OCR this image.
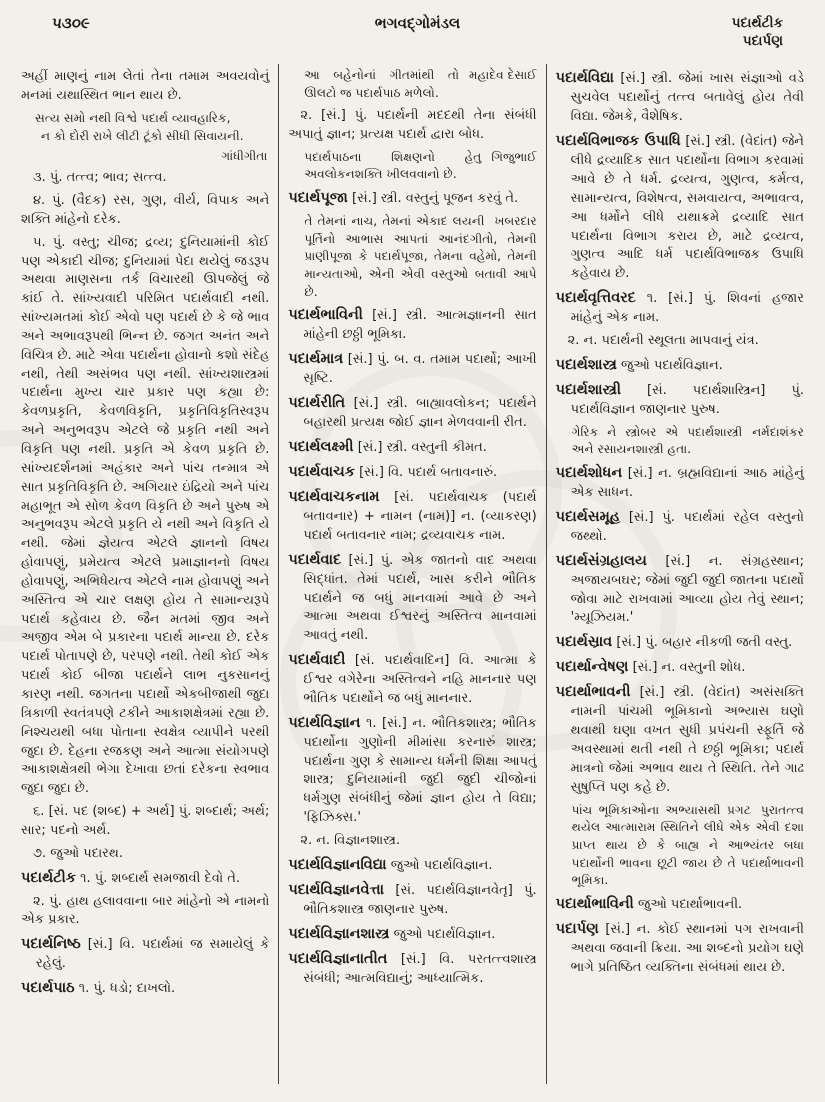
૫૩૦૯	ભગવદ્ગોમંડલ	પદાર્થટીક
પદાર્પણ
અહીં માણનું નામ લેતાં તેના તમામ અવયવોનું મનમાં યથાસ્થિત ભાન થાય છે.
સત્ય સમો નથી વિશ્વે પદાર્થ વ્યાવહારિક,
ન કો દોરી રાખે લીટી ટૂંકો સીધી સિવાયની.
ગાંધીગીતા
૩. પું. તત્ત્વ; ભાવ; સત્ત્વ.
૪. પું. (વૈદક) રસ, ગુણ, વીર્ય, વિપાક અને શક્તિ માંહેનો દરેક.
૫. પું. વસ્તુ; ચીજ; દ્રવ્ય; દુનિયામાંની કોઈ પણ એકાદી ચીજ; દુનિયામાં પેદા થયેલું જડરૂપ અથવા માણસના તર્ક વિચારથી ઊપજેલું જે કાંઈ તે. સાંખ્યવાદી પરિમિત પદાર્થવાદી નથી. સાંખ્યમતમાં કોઈ એવો પણ પદાર્થ છે કે જે ભાવ અને અભાવરૂપથી ભિન્ન છે. જગત અનંત અને વિચિત્ર છે. માટે એવા પદાર્થના હોવાનો કશો સંદેહ નથી, તેથી અસંભવ પણ નથી. સાંખ્યશાસ્ત્રમાં પદાર્થના મુખ્ય ચાર પ્રકાર પણ કહ્યા છે: કેવળપ્રકૃતિ, કેવળવિકૃતિ, પ્રકૃતિવિકૃતિસ્વરૂપ અને અનુભવરૂપ એટલે જે પ્રકૃતિ નથી અને વિકૃતિ પણ નથી. પ્રકૃતિ એ કેવળ પ્રકૃતિ છે. સાંખ્યદર્શનમાં અહંકાર અને પાંચ તન્માત્ર એ સાત પ્રકૃતિવિકૃતિ છે. અગિયાર ઇંદ્રિયો અને પાંચ મહાભૂત એ સોળ કેવળ વિકૃતિ છે અને પુરુષ એ અનુભવરૂપ એટલે પ્રકૃતિ યે નથી અને વિકૃતિ યે નથી. જેમાં જ્ઞેયત્વ એટલે જ્ઞાનનો વિષય હોવાપણું, પ્રમેયત્વ એટલે પ્રમાજ્ઞાનનો વિષય હોવાપણું, અભિધેયત્વ એટલે નામ હોવાપણું અને અસ્તિત્વ એ ચાર લક્ષણ હોય તે સામાન્યરૂપે પદાર્થ કહેવાય છે. જૈન મતમાં જીવ અને અજીવ એમ બે પ્રકારના પદાર્થ માન્યા છે. દરેક પદાર્થ પોતાપણે છે, પરપણે નથી. તેથી કોઈ એક પદાર્થ કોઈ બીજા પદાર્થને લાભ નુકસાનનું કારણ નથી. જગતના પદાર્થો એકબીજાથી જુદા ત્રિકાળી સ્વતંત્રપણે ટકીને આકાશક્ષેત્રમાં રહ્યા છે. નિશ્ચયથી બધા પોતાના સ્વક્ષેત્ર વ્યાપીને પરથી જુદા છે. દેહના રજકણ અને આત્મા સંયોગપણે આકાશક્ષેત્રથી ભેગા દેખાવા છતાં દરેકના સ્વભાવ જુદા જુદા છે.
૬. [સં. પદ (શબ્દ) + અર્થ] પું. શબ્દાર્થ; અર્થ; સાર; પદનો અર્થ.
૭. જુઓ પદારથ.
પદાર્થટીક ૧. પું. શબ્દાર્થ સમજાવી દેવો તે.
૨. પું. હાથ હલાવવાના બાર માંહેનો એ નામનો એક પ્રકાર.
પદાર્થનિષ્ઠ [સં.] વિ. પદાર્થમાં જ સમાયેલું કે રહેલું.
પદાર્થપાઠ ૧. પું. ધડો; દાખલો.
મહાદેવ દેસાઈ
આ બહેનોનાં ગીતમાંથી તો ઊલટો જ પદાર્થપાઠ મળેલો.
૨. [સં.] પું. પદાર્થની મદદથી તેના સંબંધી અપાતું જ્ઞાન; પ્રત્યક્ષ પદાર્થ દ્વારા બોધ.
ગિજુભાઈ
પદાર્થપાઠના શિક્ષણનો હેતુ અવલોકનશક્તિ ખીલવવાનો છે.
પદાર્થપૂજા [સં.] સ્ત્રી. વસ્તુનું પૂજન કરવું તે.
ખબરદાર
તે તેમનાં નાચ, તેમનાં એકાદ લયની પૂર્તિનો આભાસ આપતાં આનંદગીતો, તેમની પ્રાણીપૂજા કે પદાર્થપૂજા, તેમના વહેમો, તેમની માન્યતાઓ, એની એવી વસ્તુઓ બતાવી આપે છે.
પદાર્થભાવિની [સં.] સ્ત્રી. આત્મજ્ઞાનની સાત માંહેની છઠ્ઠી ભૂમિકા.
પદાર્થમાત્ર [સં.] પું. બ. વ. તમામ પદાર્થો; આખી સૃષ્ટિ.
પદાર્થરીતિ [સં.] સ્ત્રી. બાહ્યાવલોકન; પદાર્થને બહારથી પ્રત્યક્ષ જોઈ જ્ઞાન મેળવવાની રીત.
પદાર્થલક્ષ્મી [સં.] સ્ત્રી. વસ્તુની કીમત.
પદાર્થવાચક [સં.] વિ. પદાર્થ બતાવનારું.
પદાર્થવાચકનામ [સં. પદાર્થવાચક (પદાર્થ બતાવનાર) + નામન (નામ)] ન. (વ્યાકરણ) પદાર્થ બતાવનાર નામ; દ્રવ્યવાચક નામ.
પદાર્થવાદ [સં.] પું. એક જાતનો વાદ અથવા સિદ્ધાંત. તેમાં પદાર્થ, ખાસ કરીને ભૌતિક પદાર્થને જ બધું માનવામાં આવે છે અને આત્મા અથવા ઈશ્વરનું અસ્તિત્વ માનવામાં આવતું નથી.
પદાર્થવાદી [સં. પદાર્થવાદિન] વિ. આત્મા કે ઈશ્વર વગેરેના અસ્તિત્વને નહિ માનનાર પણ ભૌતિક પદાર્થોને જ બધું માનનાર.
પદાર્થવિજ્ઞાન ૧. [સં.] ન. ભૌતિકશાસ્ત્ર; ભૌતિક પદાર્થોના ગુણોની મીમાંસા કરનારું શાસ્ત્ર; પદાર્થના ગુણ કે સામાન્ય ધર્મની શિક્ષા આપતું શાસ્ત્ર; દુનિયામાંની જુદી જુદી ચીજોનાં ધર્મગુણ સંબંધીનું જેમાં જ્ઞાન હોય તે વિદ્યા; 'ફિઝિક્સ.'
૨. ન. વિજ્ઞાનશાસ્ત્ર.
પદાર્થવિજ્ઞાનવિદ્યા જુઓ પદાર્થવિજ્ઞાન.
પદાર્થવિજ્ઞાનવેત્તા [સં. પદાર્થવિજ્ઞાનવેતૃ] પું. ભૌતિકશાસ્ત્ર જાણનાર પુરુષ.
પદાર્થવિજ્ઞાનશાસ્ત્ર જુઓ પદાર્થવિજ્ઞાન.
પદાર્થવિજ્ઞાનાતીત [સં.] વિ. પરતત્ત્વશાસ્ત્ર સંબંધી; આત્મવિદ્યાનું; આધ્યાત્મિક.
પદાર્થવિદ્યા [સં.] સ્ત્રી. જેમાં ખાસ સંજ્ઞાઓ વડે સુચવેલ પદાર્થોનું તત્ત્વ બતાવેલું હોય તેવી વિદ્યા. જેમકે, વૈશેષિક.
પદાર્થવિભાજક ઉપાધિ [સં.] સ્ત્રી. (વેદાંત) જેને લીધે દ્રવ્યાદિક સાત પદાર્થોના વિભાગ કરવામાં આવે છે તે ધર્મ. દ્રવ્યત્વ, ગુણત્વ, કર્મત્વ, સામાન્યત્વ, વિશેષત્વ, સમવાયત્વ, અભાવત્વ, આ ધર્મોને લીધે યથાક્રમે દ્રવ્યાદિ સાત પદાર્થના વિભાગ કરાય છે, માટે દ્રવ્યત્વ, ગુણત્વ આદિ ધર્મ પદાર્થવિભાજક ઉપાધિ કહેવાય છે.
પદાર્થવૃત્તિવરદ ૧. [સં.] પું. શિવનાં હજાર માંહેનું એક નામ.
૨. ન. પદાર્થની સ્થૂલતા માપવાનું યંત્ર.
પદાર્થશાસ્ત્ર જુઓ પદાર્થવિજ્ઞાન.
પદાર્થશાસ્ત્રી [સં. પદાર્થશાસ્ત્રિન] પું. પદાર્થવિજ્ઞાન જાણનાર પુરુષ.
નર્મદાશંકર
ગેરિક ને સ્ત્રોબર એ પદાર્થશાસ્ત્રી અને રસાયનશાસ્ત્રી હતા.
પદાર્થશોધન [સં.] ન. બ્રહ્મવિદ્યાનાં આઠ માંહેનું એક સાધન.
પદાર્થસમૂહ [સં.] પું. પદાર્થમાં રહેલ વસ્તુનો જથ્થો.
પદાર્થસંગ્રહાલય [સં.] ન. સંગ્રહસ્થાન; અજાયબઘર; જેમાં જુદી જુદી જાતના પદાર્થો જોવા માટે રાખવામાં આવ્યા હોય તેવું સ્થાન; 'મ્યૂઝિયમ.'
પદાર્થસ્રાવ [સં.] પું. બહાર નીકળી જતી વસ્તુ.
પદાર્થાન્વેષણ [સં.] ન. વસ્તુની શોધ.
પદાર્થાભાવની [સં.] સ્ત્રી. (વેદાંત) અસંસક્તિ નામની પાંચમી ભૂમિકાનો અભ્યાસ ઘણો થવાથી ઘણા વખત સુધી પ્રપંચની સ્ફૂર્તિ જે અવસ્થામાં થતી નથી તે છઠ્ઠી ભૂમિકા; પદાર્થ માત્રનો જેમાં અભાવ થાય તે સ્થિતિ. તેને ગાઢ સુષુપ્તિ પણ કહે છે.
પુરાતત્ત્વ
પાંચ ભૂમિકાઓના અભ્યાસથી પ્રગટ થયેલ આત્મારામ સ્થિતિને લીધે એક એવી દશા પ્રાપ્ત થાય છે કે બાહ્ય ને આભ્યંતર બધા પદાર્થોની ભાવના છૂટી જાય છે તે પદાર્થાભાવની ભૂમિકા.
પદાર્થાભાવિની જુઓ પદાર્થાભાવની.
પદાર્પણ [સં.] ન. કોઈ સ્થાનમાં પગ રાખવાની અથવા જવાની ક્રિયા. આ શબ્દનો પ્રયોગ ઘણે ભાગે પ્રતિષ્ઠિત વ્યક્તિના સંબંધમાં થાય છે.
